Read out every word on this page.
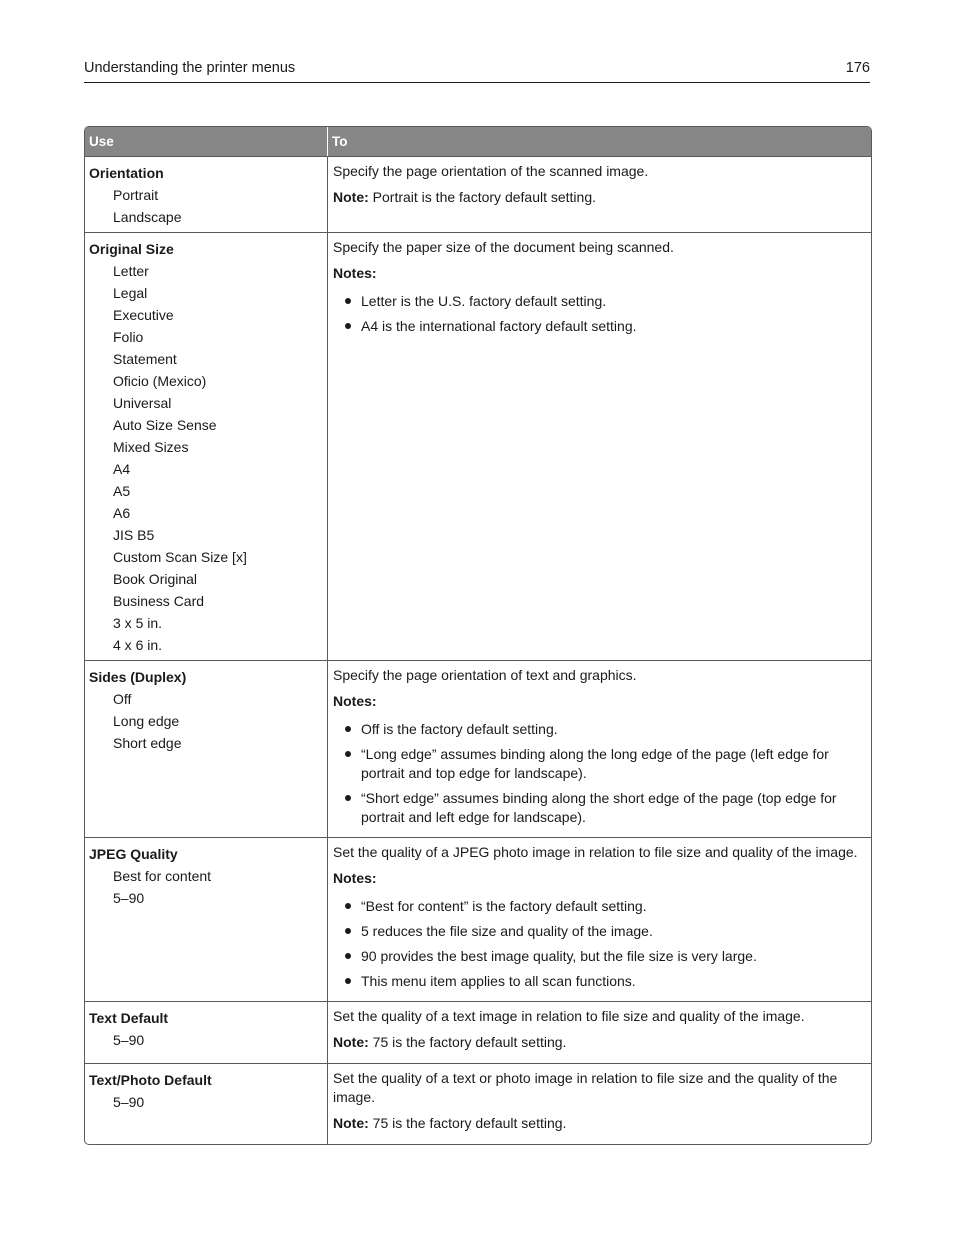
Understanding the printer menus	176
Use	To
Orientation
Portrait
Landscape

Specify the page orientation of the scanned image.

Note: Portrait is the factory default setting.

Original Size
Letter
Legal
Executive
Folio
Statement
Oficio (Mexico)
Universal
Auto Size Sense
Mixed Sizes
A4
A5
A6
JIS B5
Custom Scan Size [x]
Book Original
Business Card
3 x 5 in.
4 x 6 in.

Specify the paper size of the document being scanned.

Notes:

Letter is the U.S. factory default setting.
A4 is the international factory default setting.
Sides (Duplex)
Off
Long edge
Short edge

Specify the page orientation of text and graphics.

Notes:

Off is the factory default setting.
“Long edge” assumes binding along the long edge of the page (left edge for portrait and top edge for landscape).
“Short edge” assumes binding along the short edge of the page (top edge for portrait and left edge for landscape).
JPEG Quality
Best for content
5–90

Set the quality of a JPEG photo image in relation to file size and quality of the image.

Notes:

“Best for content” is the factory default setting.
5 reduces the file size and quality of the image.
90 provides the best image quality, but the file size is very large.
This menu item applies to all scan functions.
Text Default
5–90

Set the quality of a text image in relation to file size and quality of the image.

Note: 75 is the factory default setting.

Text/Photo Default
5–90

Set the quality of a text or photo image in relation to file size and the quality of the image.

Note: 75 is the factory default setting.
